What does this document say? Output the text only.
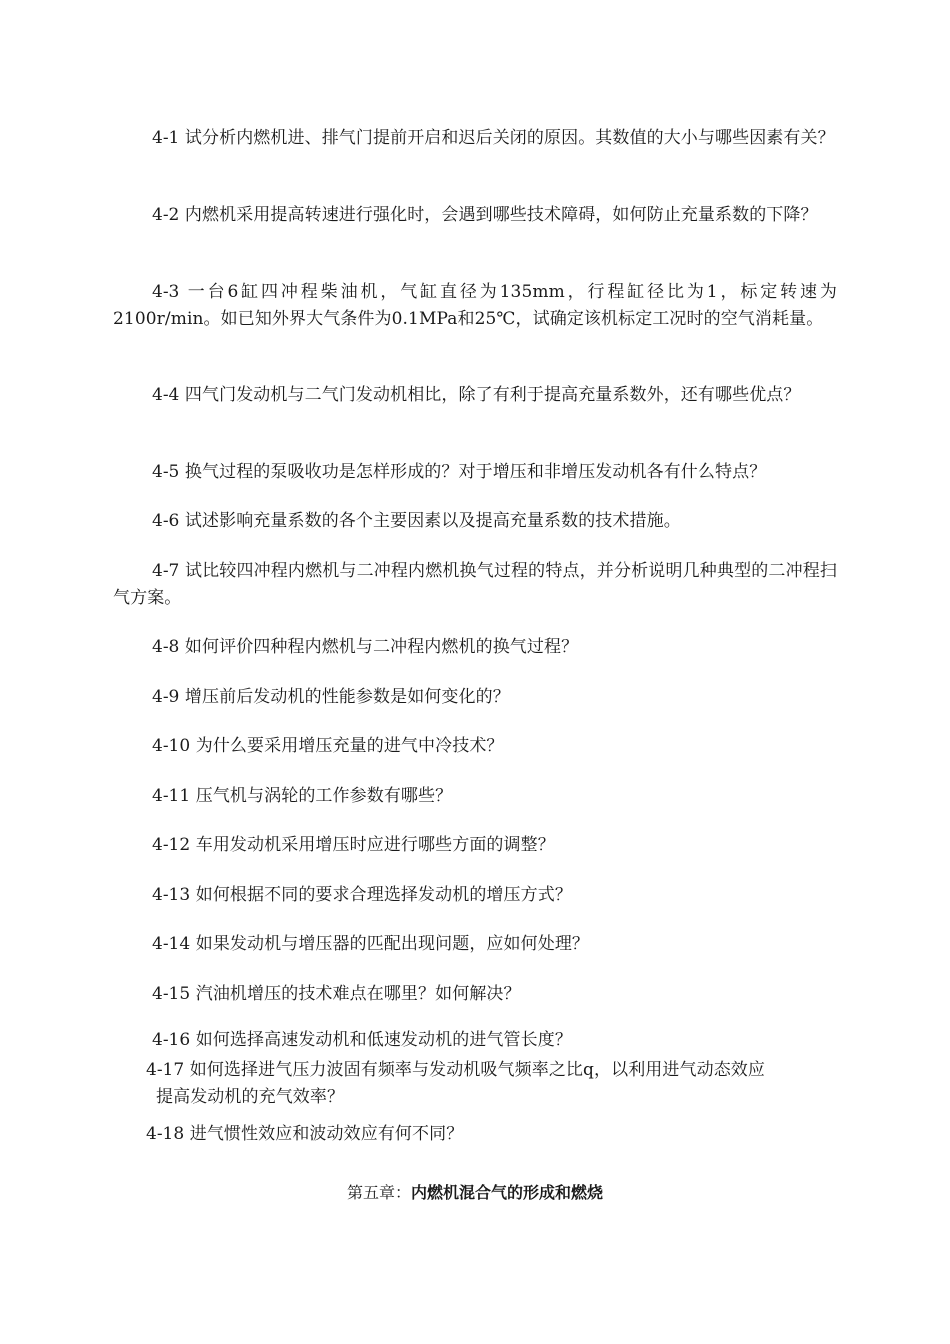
4-1 试分析内燃机进、排气门提前开启和迟后关闭的原因。其数值的大小与哪些因素有关？

4-2 内燃机采用提高转速进行强化时，会遇到哪些技术障碍，如何防止充量系数的下降？

4-3 一台6缸四冲程柴油机，气缸直径为135mm，行程缸径比为1，标定转速为2100r/min。如已知外界大气条件为0.1MPa和25℃，试确定该机标定工况时的空气消耗量。

4-4 四气门发动机与二气门发动机相比，除了有利于提高充量系数外，还有哪些优点？

4-5 换气过程的泵吸收功是怎样形成的？对于增压和非增压发动机各有什么特点？

4-6 试述影响充量系数的各个主要因素以及提高充量系数的技术措施。

4-7 试比较四冲程内燃机与二冲程内燃机换气过程的特点，并分析说明几种典型的二冲程扫气方案。

4-8 如何评价四种程内燃机与二冲程内燃机的换气过程？

4-9 增压前后发动机的性能参数是如何变化的？

4-10 为什么要采用增压充量的进气中冷技术？

4-11 压气机与涡轮的工作参数有哪些？

4-12 车用发动机采用增压时应进行哪些方面的调整？

4-13 如何根据不同的要求合理选择发动机的增压方式？

4-14 如果发动机与增压器的匹配出现问题，应如何处理？

4-15 汽油机增压的技术难点在哪里？如何解决？

4-16 如何选择高速发动机和低速发动机的进气管长度？

4-17 如何选择进气压力波固有频率与发动机吸气频率之比q，以利用进气动态效应
提高发动机的充气效率？

4-18 进气惯性效应和波动效应有何不同？

第五章：内燃机混合气的形成和燃烧
